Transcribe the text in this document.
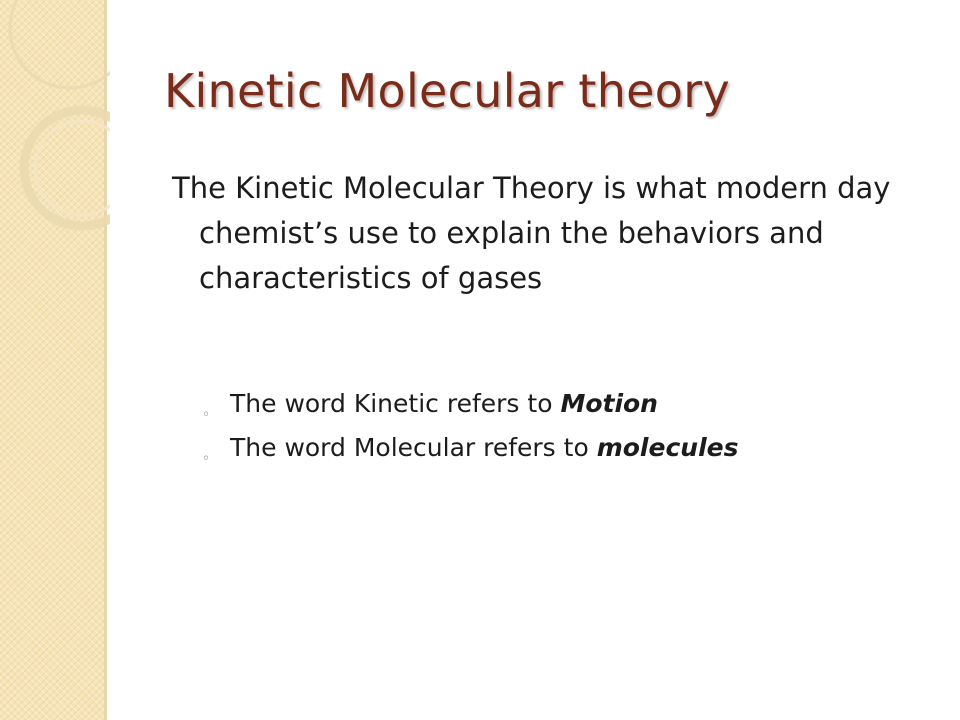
Kinetic Molecular theory

The Kinetic Molecular Theory is what modern day chemist’s use to explain the behaviors and characteristics of gases

◦ The word Kinetic refers to Motion
◦ The word Molecular refers to molecules
